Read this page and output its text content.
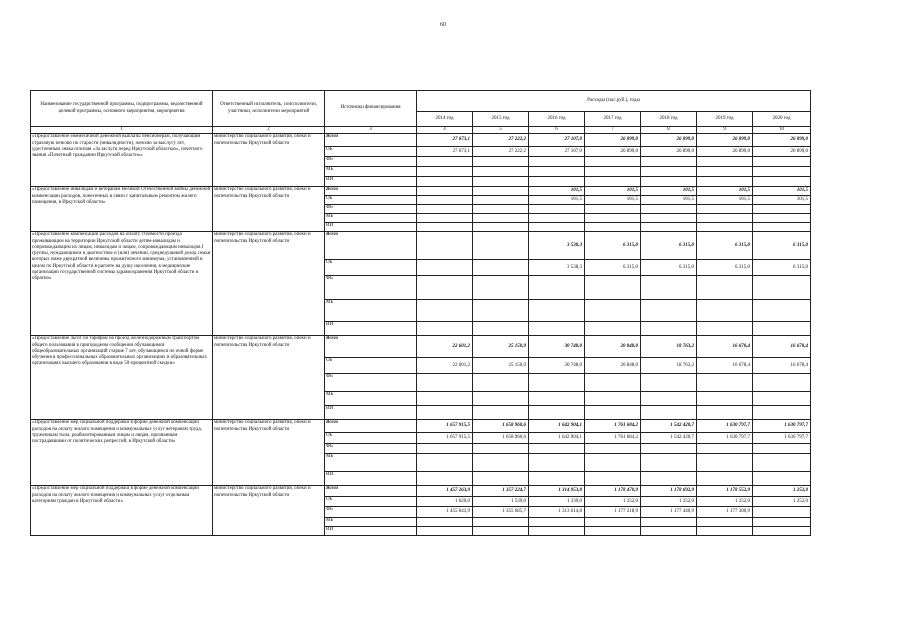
60
Наименование государственной программы, подпрограммы, ведомственной целевой программы, основного мероприятия, мероприятия	Ответственный исполнитель, соисполнители, участники, исполнители мероприятий	Источники финансирования	Расходы (тыс.руб.), годы						
			2014 год	2015 год	2016 год	2017 год	2018 год	2019 год	2020 год
1	2	3	4	5	6	7	8	9	10
«Предоставление ежемесячной денежной выплаты пенсионерам, получающим страховую пенсию по старости (инвалидности), пенсию за выслугу лет, удостоенным знака отличия «За заслуги перед Иркутской областью», почетного звания «Почетный гражданин Иркутской области»»	министерство социального развития, опеки и попечительства Иркутской области	Всего	27 673,1	27 222,2	27 107,0	26 899,0	26 899,0	26 899,0	26 899,0
		ОБ	27 673,1	27 222,2	27 107,0	26 899,0	26 899,0	26 899,0	26 899,0
		ФБ							
		МБ							
		ИИ							
«Предоставление инвалидам и ветеранам Великой Отечественной войны денежной компенсации расходов, понесенных в связи с капитальным ремонтом жилого помещения, в Иркутской области»	министерство социального развития, опеки и попечительства Иркутской области	Всего			101,5	101,5	101,5	101,5	101,5
		ОБ			101,5	101,5	101,5	101,5	101,5
		ФБ							
		МБ							
		ИИ							
«Предоставление компенсации расходов на оплату стоимости проезда проживающим на территории Иркутской области детям-инвалидам и сопровождающим их лицам, инвалидам и лицам, сопровождающим инвалидов I группы, нуждающимся в диагностике и (или) лечении, среднедушевой доход семьи которых ниже двукратной величины прожиточного минимума, установленной в целом по Иркутской области в расчете на душу населения, в медицинские организации государственной системы здравоохранения Иркутской области и обратно»	министерство социального развития, опеки и попечительства Иркутской области	Всего			3 538,3	6 315,0	6 315,0	6 315,0	6 315,0
		ОБ			3 538,3	6 315,0	6 315,0	6 315,0	6 315,0
		ФБ							
		МБ							
		ИИ							
«Предоставление льгот по тарифам на проезд железнодорожным транспортом общего пользования в пригородном сообщении обучающимся общеобразовательных организаций старше 7 лет, обучающимся по очной форме обучения в профессиональных образовательных организациях и образовательных организациях высшего образования в виде 50-процентной скидки»	министерство социального развития, опеки и попечительства Иркутской области	Всего	22 601,2	25 150,9	30 748,0	20 848,0	18 763,2	16 678,4	16 678,4
		ОБ	22 601,2	25 150,9	30 748,0	20 848,0	18 763,2	16 678,4	16 678,4
		ФБ							
		МБ							
		ИИ							
«Предоставление мер социальной поддержки в форме денежной компенсации расходов на оплату жилого помещения и коммунальных услуг ветеранам труда, труженикам тыла, реабилитированным лицам и лицам, признанным пострадавшими от политических репрессий, в Иркутской области»	министерство социального развития, опеки и попечительства Иркутской области	Всего	1 657 915,5	1 658 960,6	1 642 904,1	1 761 684,2	1 542 420,7	1 630 797,7	1 630 797,7
		ОБ	1 657 915,5	1 658 960,6	1 642 904,1	1 761 684,2	1 542 420,7	1 630 797,7	1 630 797,7
		ФБ							
		МБ							
		ИИ							
«Предоставление мер социальной поддержки в форме денежной компенсации расходов на оплату жилого помещения и коммунальных услуг отдельным категориям граждан в Иркутской области»	министерство социального развития, опеки и попечительства Иркутской области	Всего	1 457 263,9	1 357 224,7	1 314 953,8	1 178 470,9	1 178 692,9	1 178 552,9	1 252,0
		ОБ	1 620,0	1 539,0	1 339,0	1 252,0	1 252,0	1 252,0	1 252,0
		ФБ	1 455 643,9	1 355 685,7	1 313 614,8	1 177 218,9	1 177 440,9	1 177 300,9	
		МБ							
		ИИ							
